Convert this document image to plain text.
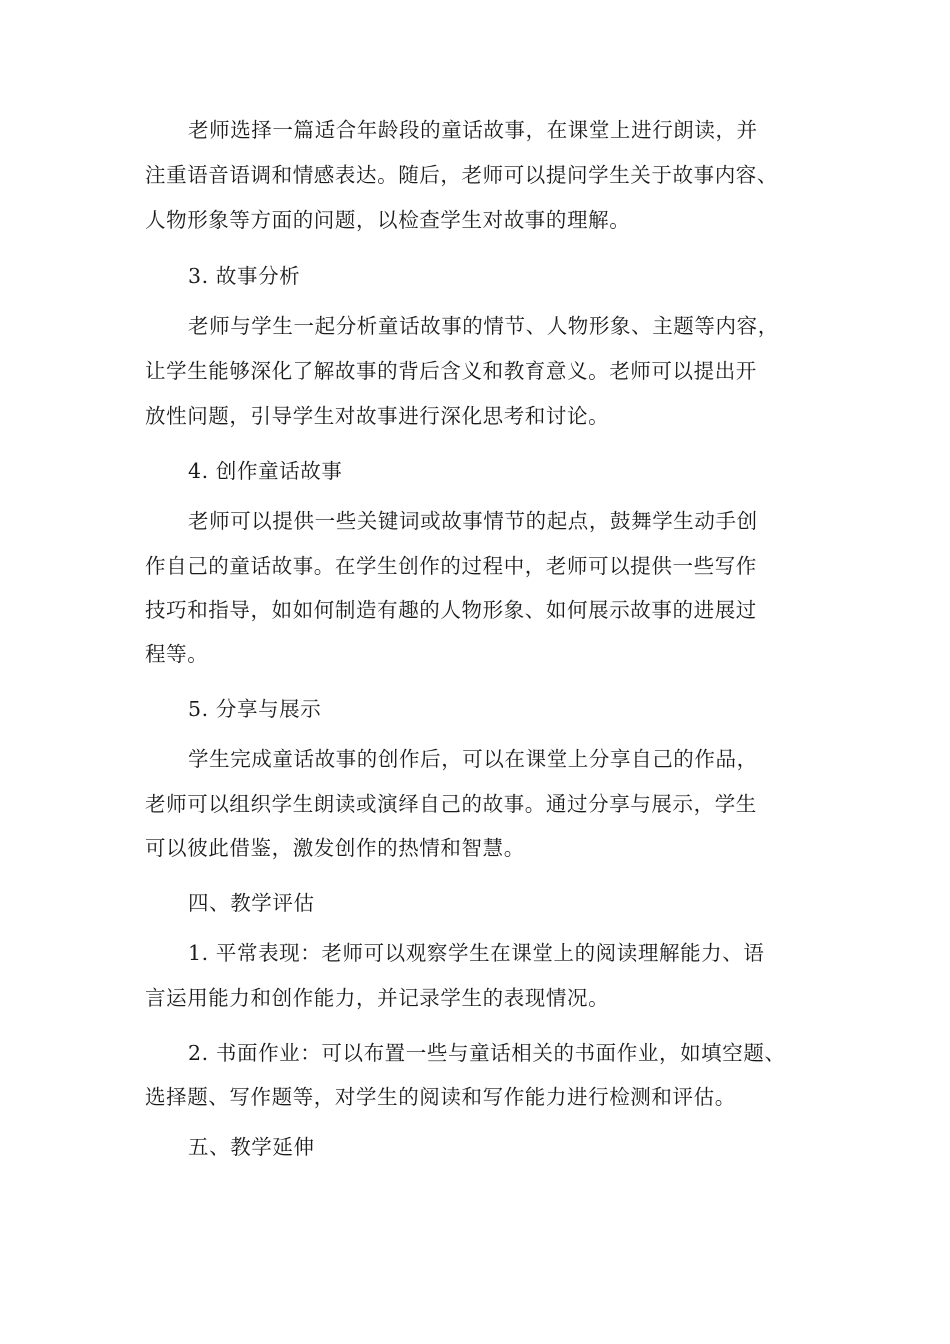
老师选择一篇适合年龄段的童话故事，在课堂上进行朗读，并

注重语音语调和情感表达。随后，老师可以提问学生关于故事内容、

人物形象等方面的问题，以检查学生对故事的理解。

3. 故事分析

老师与学生一起分析童话故事的情节、人物形象、主题等内容，

让学生能够深化了解故事的背后含义和教育意义。老师可以提出开

放性问题，引导学生对故事进行深化思考和讨论。

4. 创作童话故事

老师可以提供一些关键词或故事情节的起点，鼓舞学生动手创

作自己的童话故事。在学生创作的过程中，老师可以提供一些写作

技巧和指导，如如何制造有趣的人物形象、如何展示故事的进展过

程等。

5. 分享与展示

学生完成童话故事的创作后，可以在课堂上分享自己的作品，

老师可以组织学生朗读或演绎自己的故事。通过分享与展示，学生

可以彼此借鉴，激发创作的热情和智慧。

四、教学评估

1. 平常表现：老师可以观察学生在课堂上的阅读理解能力、语

言运用能力和创作能力，并记录学生的表现情况。

2. 书面作业：可以布置一些与童话相关的书面作业，如填空题、

选择题、写作题等，对学生的阅读和写作能力进行检测和评估。

五、教学延伸
